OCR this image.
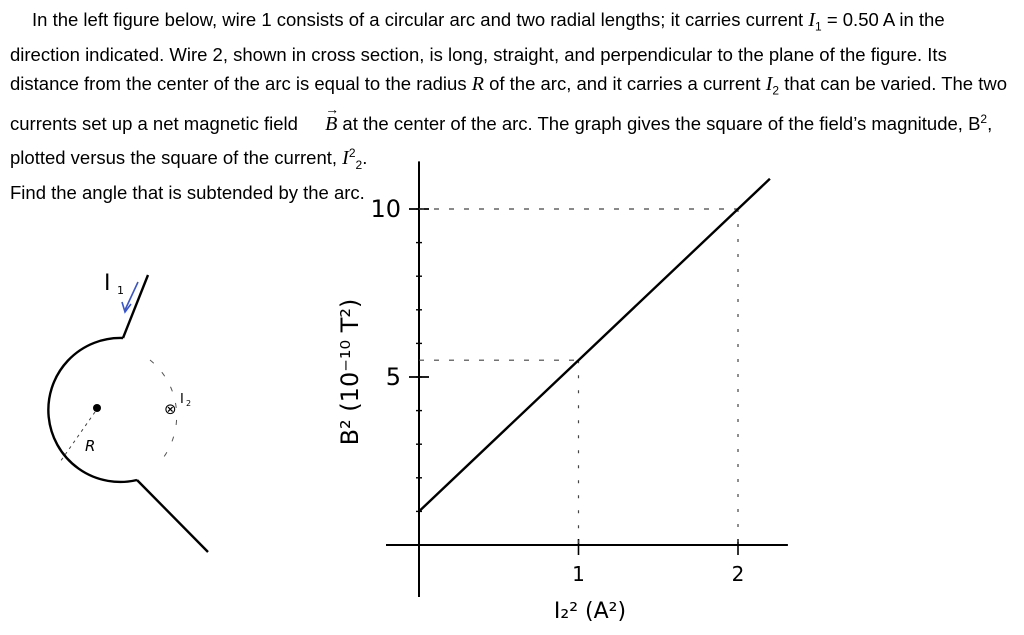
In the left figure below, wire 1 consists of a circular arc and two radial lengths; it carries current $I_1 = 0.50$ A in the direction indicated. Wire 2, shown in cross section, is long, straight, and perpendicular to the plane of the figure. Its distance from the center of the arc is equal to the radius R of the arc, and it carries a current $I_2$ that can be varied. The two currents set up a net magnetic field → B at the center of the arc. The graph gives the square of the field’s magnitude, $B^2$, plotted versus the square of the current, $I^2_2$.

Find the angle that is subtended by the arc.

R
I 1
⊗
I 2
5
10
1	2
B² (10⁻¹⁰ T²)
I₂² (A²)
